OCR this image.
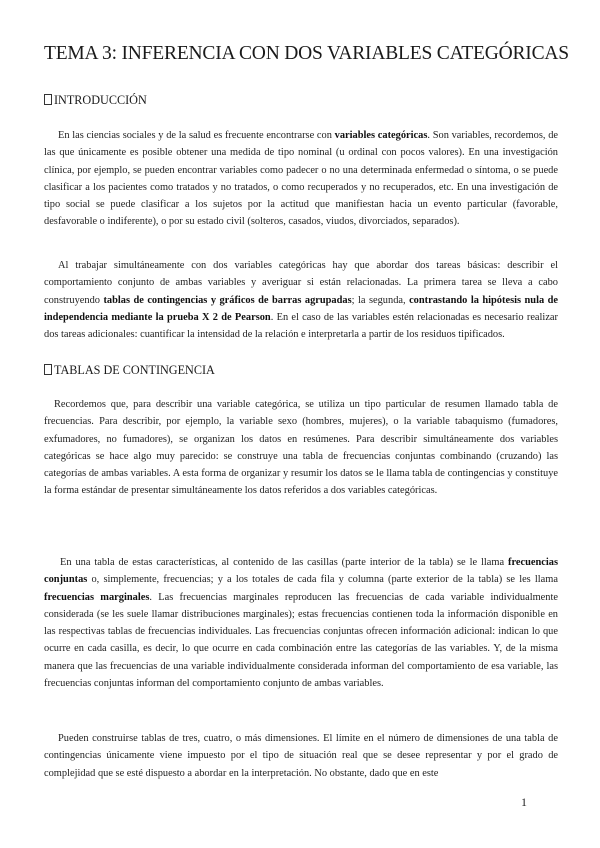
TEMA 3: INFERENCIA CON DOS VARIABLES CATEGÓRICAS
INTRODUCCIÓN

En las ciencias sociales y de la salud es frecuente encontrarse con variables categóricas. Son variables, recordemos, de las que únicamente es posible obtener una medida de tipo nominal (u ordinal con pocos valores). En una investigación clínica, por ejemplo, se pueden encontrar variables como padecer o no una determinada enfermedad o síntoma, o se puede clasificar a los pacientes como tratados y no tratados, o como recuperados y no recuperados, etc. En una investigación de tipo social se puede clasificar a los sujetos por la actitud que manifiestan hacia un evento particular (favorable, desfavorable o indiferente), o por su estado civil (solteros, casados, viudos, divorciados, separados).

Al trabajar simultáneamente con dos variables categóricas hay que abordar dos tareas básicas: describir el comportamiento conjunto de ambas variables y averiguar si están relacionadas. La primera tarea se lleva a cabo construyendo tablas de contingencias y gráficos de barras agrupadas; la segunda, contrastando la hipótesis nula de independencia mediante la prueba X 2 de Pearson. En el caso de las variables estén relacionadas es necesario realizar dos tareas adicionales: cuantificar la intensidad de la relación e interpretarla a partir de los residuos tipificados.

TABLAS DE CONTINGENCIA

Recordemos que, para describir una variable categórica, se utiliza un tipo particular de resumen llamado tabla de frecuencias. Para describir, por ejemplo, la variable sexo (hombres, mujeres), o la variable tabaquismo (fumadores, exfumadores, no fumadores), se organizan los datos en resúmenes. Para describir simultáneamente dos variables categóricas se hace algo muy parecido: se construye una tabla de frecuencias conjuntas combinando (cruzando) las categorías de ambas variables. A esta forma de organizar y resumir los datos se le llama tabla de contingencias y constituye la forma estándar de presentar simultáneamente los datos referidos a dos variables categóricas.

En una tabla de estas características, al contenido de las casillas (parte interior de la tabla) se le llama frecuencias conjuntas o, simplemente, frecuencias; y a los totales de cada fila y columna (parte exterior de la tabla) se les llama frecuencias marginales. Las frecuencias marginales reproducen las frecuencias de cada variable individualmente considerada (se les suele llamar distribuciones marginales); estas frecuencias contienen toda la información disponible en las respectivas tablas de frecuencias individuales. Las frecuencias conjuntas ofrecen información adicional: indican lo que ocurre en cada casilla, es decir, lo que ocurre en cada combinación entre las categorías de las variables. Y, de la misma manera que las frecuencias de una variable individualmente considerada informan del comportamiento de esa variable, las frecuencias conjuntas informan del comportamiento conjunto de ambas variables.

Pueden construirse tablas de tres, cuatro, o más dimensiones. El límite en el número de dimensiones de una tabla de contingencias únicamente viene impuesto por el tipo de situación real que se desee representar y por el grado de complejidad que se esté dispuesto a abordar en la interpretación. No obstante, dado que en este

1
